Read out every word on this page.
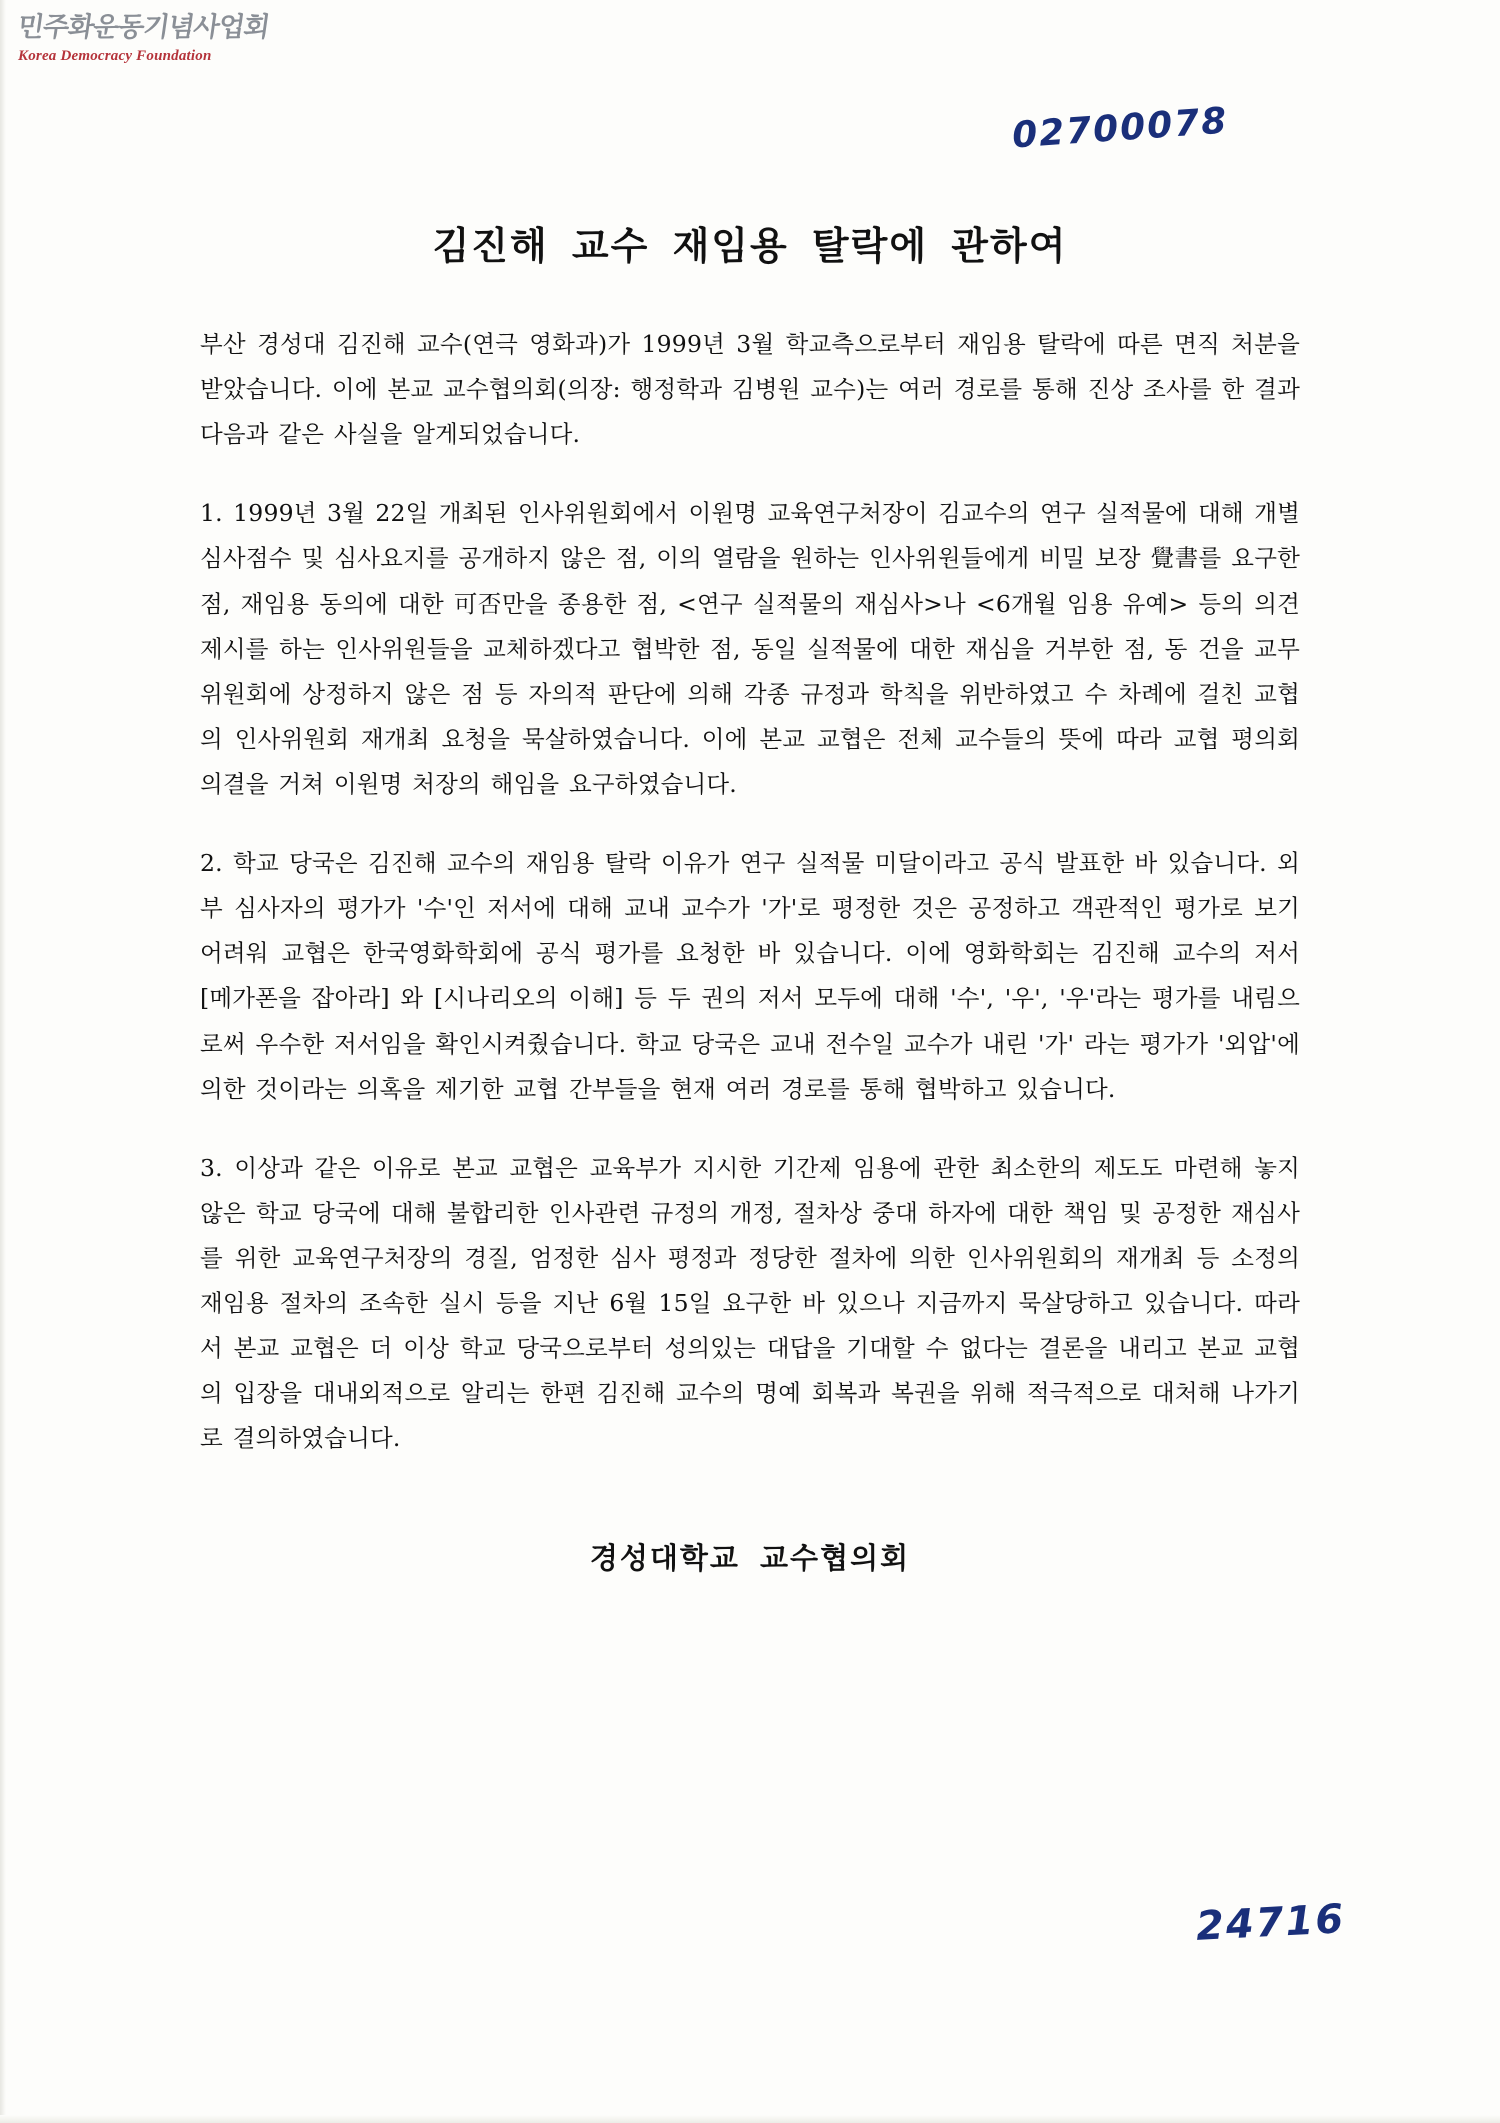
민주화운동기념사업회
Korea Democracy Foundation
02700078
김진해 교수 재임용 탈락에 관하여

부산 경성대 김진해 교수(연극 영화과)가 1999년 3월 학교측으로부터 재임용 탈락에 따른 면직 처분을 받았습니다. 이에 본교 교수협의회(의장: 행정학과 김병원 교수)는 여러 경로를 통해 진상 조사를 한 결과 다음과 같은 사실을 알게되었습니다.

1. 1999년 3월 22일 개최된 인사위원회에서 이원명 교육연구처장이 김교수의 연구 실적물에 대해 개별 심사점수 및 심사요지를 공개하지 않은 점, 이의 열람을 원하는 인사위원들에게 비밀 보장 覺書를 요구한 점, 재임용 동의에 대한 可否만을 종용한 점, <연구 실적물의 재심사>나 <6개월 임용 유예> 등의 의견 제시를 하는 인사위원들을 교체하겠다고 협박한 점, 동일 실적물에 대한 재심을 거부한 점, 동 건을 교무위원회에 상정하지 않은 점 등 자의적 판단에 의해 각종 규정과 학칙을 위반하였고 수 차례에 걸친 교협의 인사위원회 재개최 요청을 묵살하였습니다. 이에 본교 교협은 전체 교수들의 뜻에 따라 교협 평의회 의결을 거쳐 이원명 처장의 해임을 요구하였습니다.

2. 학교 당국은 김진해 교수의 재임용 탈락 이유가 연구 실적물 미달이라고 공식 발표한 바 있습니다. 외부 심사자의 평가가 '수'인 저서에 대해 교내 교수가 '가'로 평정한 것은 공정하고 객관적인 평가로 보기 어려워 교협은 한국영화학회에 공식 평가를 요청한 바 있습니다. 이에 영화학회는 김진해 교수의 저서 [메가폰을 잡아라] 와 [시나리오의 이해] 등 두 권의 저서 모두에 대해 '수', '우', '우'라는 평가를 내림으로써 우수한 저서임을 확인시켜줬습니다. 학교 당국은 교내 전수일 교수가 내린 '가' 라는 평가가 '외압'에 의한 것이라는 의혹을 제기한 교협 간부들을 현재 여러 경로를 통해 협박하고 있습니다.

3. 이상과 같은 이유로 본교 교협은 교육부가 지시한 기간제 임용에 관한 최소한의 제도도 마련해 놓지 않은 학교 당국에 대해 불합리한 인사관련 규정의 개정, 절차상 중대 하자에 대한 책임 및 공정한 재심사를 위한 교육연구처장의 경질, 엄정한 심사 평정과 정당한 절차에 의한 인사위원회의 재개최 등 소정의 재임용 절차의 조속한 실시 등을 지난 6월 15일 요구한 바 있으나 지금까지 묵살당하고 있습니다. 따라서 본교 교협은 더 이상 학교 당국으로부터 성의있는 대답을 기대할 수 없다는 결론을 내리고 본교 교협의 입장을 대내외적으로 알리는 한편 김진해 교수의 명예 회복과 복권을 위해 적극적으로 대처해 나가기로 결의하였습니다.

경성대학교 교수협의회
24716
